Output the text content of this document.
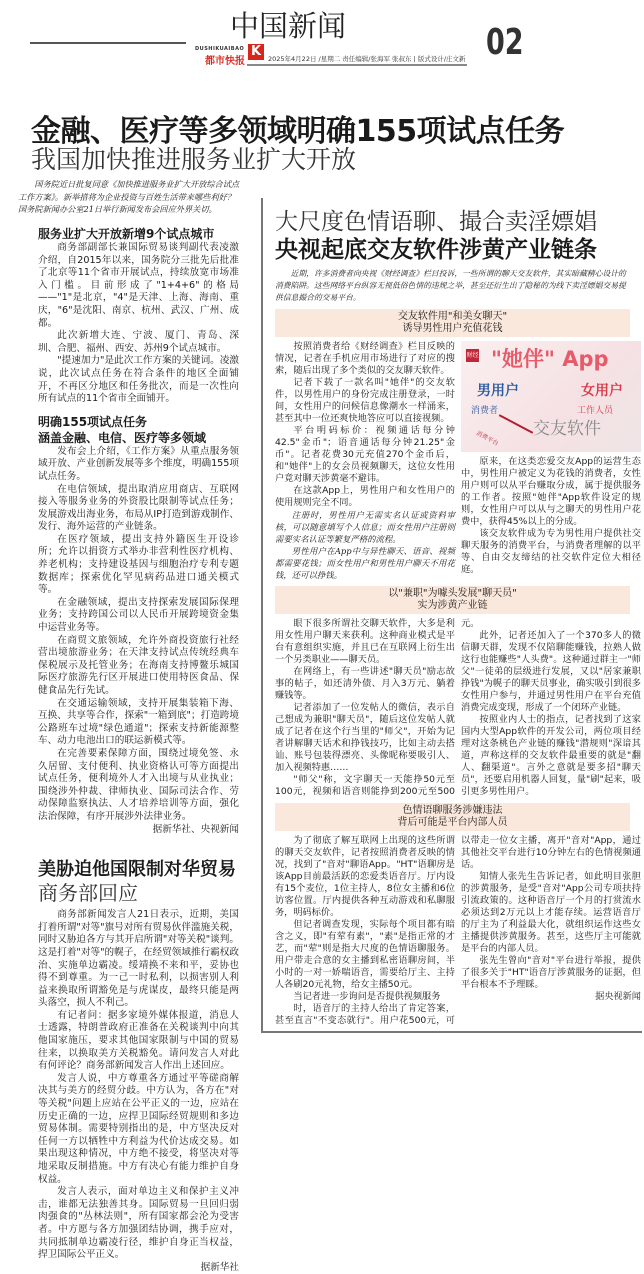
中国新闻
DUSHIKUAIBAO
都市快报
K	2025年4月22日 /星期二 责任编辑/张海军 张叔东 | 版式设计/庄文新 02
金融、医疗等多领域明确155项试点任务
我国加快推进服务业扩大开放
国务院近日批复同意《加快推进服务业扩大开放综合试点工作方案》。新举措将为企业投资与百姓生活带来哪些利好？国务院新闻办公室21日举行新闻发布会回应外界关切。
服务业扩大开放新增9个试点城市

商务部副部长兼国际贸易谈判副代表凌激介绍，自2015年以来，国务院分三批先后批准了北京等11个省市开展试点，持续放宽市场准入门槛。目前形成了"1+4+6"的格局——"1"是北京，"4"是天津、上海、海南、重庆，"6"是沈阳、南京、杭州、武汉、广州、成都。

此次新增大连、宁波、厦门、青岛、深圳、合肥、福州、西安、苏州9个试点城市。

"提速加力"是此次工作方案的关键词。凌激说，此次试点任务在符合条件的地区全面铺开，不再区分地区和任务批次，而是一次性向所有试点的11个省市全面铺开。

明确155项试点任务
涵盖金融、电信、医疗等多领域

发布会上介绍，《工作方案》从重点服务领域开放、产业创新发展等多个维度，明确155项试点任务。

在电信领域，提出取消应用商店、互联网接入等服务业务的外资股比限制等试点任务；发展游戏出海业务，布局从IP打造到游戏制作、发行、海外运营的产业链条。

在医疗领域，提出支持外籍医生开设诊所；允许以捐资方式举办非营利性医疗机构、养老机构；支持建设基因与细胞治疗专利专题数据库；探索优化罕见病药品进口通关模式等。

在金融领域，提出支持探索发展国际保理业务；支持跨国公司以人民币开展跨境资金集中运营业务等。

在商贸文旅领域，允许外商投资旅行社经营出境旅游业务；在天津支持试点传统经典车保税展示及托管业务；在海南支持博鳌乐城国际医疗旅游先行区开展进口使用特医食品、保健食品先行先试。

在交通运输领域，支持开展集装箱下海、互换、共享等合作，探索"一箱到底"；打造跨境公路班车过境"绿色通道"；探索支持新能源整车、动力电池出口的联运新模式等。

在完善要素保障方面，围绕过境免签、永久居留、支付便利、执业资格认可等方面提出试点任务，便利境外人才入出境与从业执业；围绕涉外仲裁、律师执业、国际司法合作、劳动保障监察执法、人才培养培训等方面，强化法治保障，有序开展涉外法律业务。

据新华社、央视新闻
美胁迫他国限制对华贸易
商务部回应

商务部新闻发言人21日表示，近期，美国打着所谓"对等"旗号对所有贸易伙伴滥施关税，同时又胁迫各方与其开启所谓"对等关税"谈判。这是打着"对等"的幌子，在经贸领域推行霸权政治、实施单边霸凌。绥靖换不来和平，妥协也得不到尊重。为一己一时私利，以损害别人利益来换取所谓豁免是与虎谋皮，最终只能是两头落空，损人不利己。

有记者问：据多家境外媒体报道，消息人士透露，特朗普政府正准备在关税谈判中向其他国家施压，要求其他国家限制与中国的贸易往来，以换取美方关税豁免。请问发言人对此有何评论？商务部新闻发言人作出上述回应。

发言人说，中方尊重各方通过平等磋商解决其与美方的经贸分歧。中方认为，各方在"对等关税"问题上应站在公平正义的一边，应站在历史正确的一边，应捍卫国际经贸规则和多边贸易体制。需要特别指出的是，中方坚决反对任何一方以牺牲中方利益为代价达成交易。如果出现这种情况，中方绝不接受，将坚决对等地采取反制措施。中方有决心有能力维护自身权益。

发言人表示，面对单边主义和保护主义冲击，谁都无法独善其身。国际贸易一旦回归弱肉强食的"丛林法则"，所有国家都会沦为受害者。中方愿与各方加强团结协调，携手应对，共同抵制单边霸凌行径，维护自身正当权益，捍卫国际公平正义。

据新华社
大尺度色情语聊、撮合卖淫嫖娼
央视起底交友软件涉黄产业链条
近期，许多消费者向央视《财经调查》栏目投诉，一些所谓的聊天交友软件，其实暗藏精心设计的消费陷阱。这些网络平台纵容无视低俗色情的违规之举，甚至还衍生出了隐秘的为线下卖淫嫖娼交易提供信息撮合的交易平台。
交友软件用"和美女聊天"
诱导男性用户充值花钱

按照消费者给《财经调查》栏目反映的情况，记者在手机应用市场进行了对应的搜索，随后出现了多个类似的交友聊天软件。

记者下载了一款名叫"她伴"的交友软件，以男性用户的身份完成注册登录，一时间，女性用户的问候信息像潮水一样涌来，甚至其中一位还爽快地答应可以直接视频。

平台明码标价：视频通话每分钟42.5"金币"；语音通话每分钟21.25"金币"。记者花费30元充值270个金币后，和"她伴"上的女会员视频聊天，这位女性用户竟对聊天涉黄毫不避讳。

在这款App上，男性用户和女性用户的使用规则完全不同。

注册时，男性用户无需实名认证或资料审核，可以随意填写个人信息；而女性用户注册则需要实名认证等繁复严格的流程。

男性用户在App中与异性聊天、语音、视频都需要花钱；而女性用户和男性用户聊天不用花钱，还可以挣钱。

财经 "她伴" App
男用户
消费者
女用户
工作人员
消费平台 交友软件

原来，在这类恋爱交友App的运营生态中，男性用户被定义为花钱的消费者，女性用户则可以从平台赚取分成，属于提供服务的工作者。按照"她伴"App软件设定的规则，女性用户可以从与之聊天的男性用户花费中，获得45%以上的分成。

该交友软件成为专为男性用户提供社交聊天服务的消费平台，与消费者理解的以平等、自由交友缔结的社交软件定位大相径庭。

以"兼职"为噱头发展"聊天员"
实为涉黄产业链

眼下很多所谓社交聊天软件，大多是利用女性用户聊天来获利。这种商业模式是平台有意组织实施，并且已在互联网上衍生出一个另类职业——聊天员。

在网络上，有一些讲述"聊天员"励志故事的帖子，如还清外债、月入3万元、躺着赚钱等。

记者添加了一位发帖人的微信，表示自己想成为兼职"聊天员"，随后这位发帖人就成了记者在这个行当里的"师父"，开始为记者讲解聊天话术和挣钱技巧，比如主动去搭讪、账号包装得漂亮、头像昵称要吸引人、加入视频特惠……

"师父"称，文字聊天一天能挣50元至100元，视频和语音则能挣到200元至500元。

此外，记者还加入了一个370多人的微信聊天群，发现不仅陪聊能赚钱，拉熟人做这行也能赚些"人头费"。这种通过群主一"师父"一徒弟的层级进行发展，又以"居家兼职挣钱"为幌子的聊天员事业，确实吸引到很多女性用户参与，并通过男性用户在平台充值消费完成变现，形成了一个闭环产业链。

按照业内人士的指点，记者找到了这家国内大型App软件的开发公司，两位项目经理对这条桃色产业链的赚钱"潜规则"深谙其道，声称这样的交友软件最重要的就是"翻人、翻渠道"。言外之意就是要多招"聊天员"，还要启用机器人回复，量"刷"起来，吸引更多男性用户。

色情语聊服务涉嫌违法
背后可能是平台内部人员

为了彻底了解互联网上出现的这些所谓的聊天交友软件，记者按照消费者反映的情况，找到了"音对"聊语App。"HT"语聊房是该App目前最活跃的恋爱类语音厅。厅内设有15个麦位，1位主持人，8位女主播和6位访客位置。厅内提供各种互动游戏和私聊服务，明码标价。

但记者调查发现，实际每个项目都有暗含之义，即"有荤有素"，"素"是指正常的才艺，而"荤"则是指大尺度的色情语聊服务。用户带走合意的女主播到私密语聊房间，半小时的一对一娇喘语音，需要给厅主、主持人各刷20元礼物，给女主播50元。

当记者进一步询问是否提供视频服务

时，语音厅的主持人给出了肯定答案，甚至直言"不变态就行"。用户花500元，可以带走一位女主播，离开"音对"App，通过其他社交平台进行10分钟左右的色情视频通话。

知情人张先生告诉记者，如此明目张胆的涉黄服务，是受"音对"App公司专项扶持引流政策的。这种语音厅一个月的打赏流水必须达到2万元以上才能存续。运营语音厅的厅主为了利益最大化，就组织运作这些女主播提供涉黄服务。甚至，这些厅主可能就是平台的内部人员。

张先生曾向"音对"平台进行举报，提供了很多关于"HT"语音厅涉黄服务的证据，但平台根本不予理睬。

据央视新闻
